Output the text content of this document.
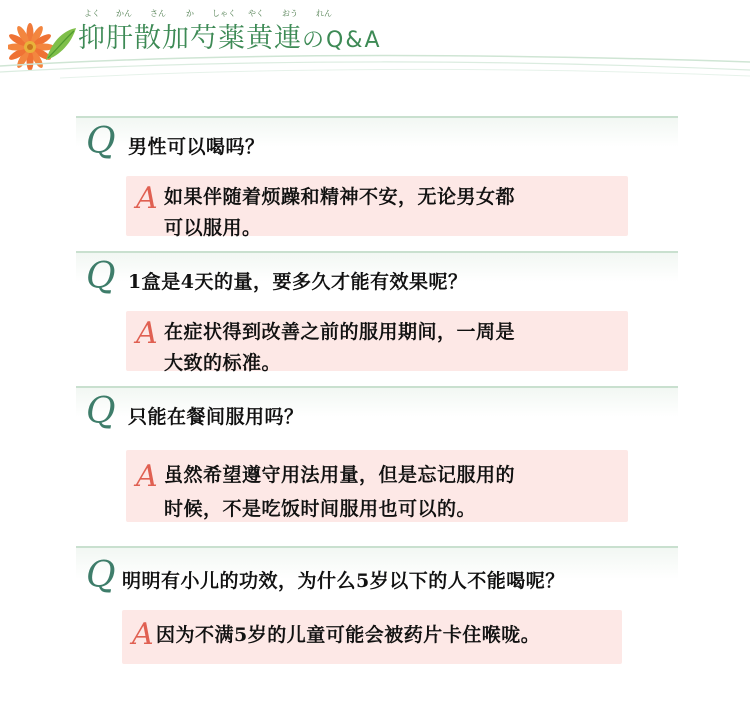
よく かん さん	か しゃく やく おう れん
抑肝散加芍薬黄連のQ&A
Q 男性可以喝吗？
A 如果伴随着烦躁和精神不安，无论男女都
可以服用。
Q 1盒是4天的量，要多久才能有效果呢？
A 在症状得到改善之前的服用期间，一周是
大致的标准。
Q 只能在餐间服用吗？
A 虽然希望遵守用法用量，但是忘记服用的
时候，不是吃饭时间服用也可以的。
Q 明明有小儿的功效，为什么5岁以下的人不能喝呢？
A 因为不满5岁的儿童可能会被药片卡住喉咙。
